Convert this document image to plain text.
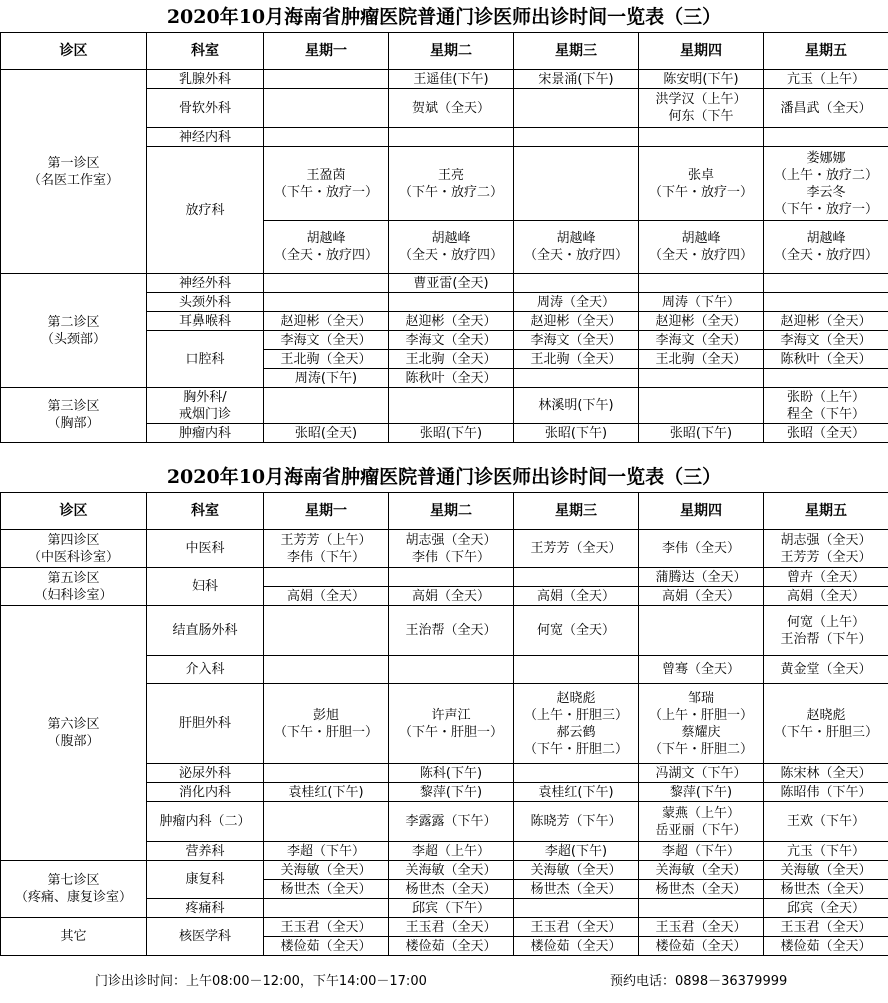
2020年10月海南省肿瘤医院普通门诊医师出诊时间一览表（三）
诊区	科室	星期一	星期二	星期三	星期四	星期五

第一诊区
（名医工作室）	乳腺外科		王遥佳(下午)	宋景涌(下午)	陈安明(下午)	亢玉（上午）

	骨软外科		贺斌（全天）		洪学汉（上午）
何东（下午	潘昌武（全天）

	神经内科					

	放疗科	王盈茵
（下午・放疗一）	王亮
（下午・放疗二）		张卓
（下午・放疗一）	娄娜娜
（上午・放疗二）
李云冬
（下午・放疗一）

		胡越峰
（全天・放疗四）	胡越峰
（全天・放疗四）	胡越峰
（全天・放疗四）	胡越峰
（全天・放疗四）	胡越峰
（全天・放疗四）

第二诊区
（头颈部）	神经外科		曹亚雷(全天)			

	头颈外科			周涛（全天）	周涛（下午）	

	耳鼻喉科	赵迎彬（全天）	赵迎彬（全天）	赵迎彬（全天）	赵迎彬（全天）	赵迎彬（全天）

	口腔科	李海文（全天）	李海文（全天）	李海文（全天）	李海文（全天）	李海文（全天）

		王北驹（全天）	王北驹（全天）	王北驹（全天）	王北驹（全天）	陈秋叶（全天）

		周涛(下午)	陈秋叶（全天）			

第三诊区
（胸部）	胸外科/
戒烟门诊			林溪明(下午)		张盼（上午）
程全（下午）

	肿瘤内科	张昭(全天)	张昭(下午)	张昭(下午)	张昭(下午)	张昭（全天）
2020年10月海南省肿瘤医院普通门诊医师出诊时间一览表（三）
诊区	科室	星期一	星期二	星期三	星期四	星期五

第四诊区
（中医科诊室）	中医科	王芳芳（上午）
李伟（下午）	胡志强（全天）
李伟（下午）	王芳芳（全天）	李伟（全天）	胡志强（全天）
王芳芳（全天）

第五诊区
（妇科诊室）	妇科				蒲腾达（全天）	曾卉（全天）

		高娟（全天）	高娟（全天）	高娟（全天）	高娟（全天）	高娟（全天）

第六诊区
（腹部）	结直肠外科		王治帮（全天）	何宽（全天）		何宽（上午）
王治帮（下午）

	介入科				曾骞（全天）	黄金堂（全天）

	肝胆外科	彭旭
（下午・肝胆一）	许声江
（下午・肝胆一）	赵晓彪
（上午・肝胆三）
郝云鹤
（下午・肝胆二）	邹瑞
（上午・肝胆一）
蔡耀庆
（下午・肝胆二）	赵晓彪
（下午・肝胆三）

	泌尿外科		陈科(下午)		冯湖文（下午）	陈宋林（全天）

	消化内科	袁桂红(下午)	黎萍(下午)	袁桂红(下午)	黎萍(下午)	陈昭伟（下午）

	肿瘤内科（二）		李露露（下午）	陈晓芳（下午）	蒙燕（上午）
岳亚丽（下午）	王欢（下午）

	营养科	李超（下午）	李超（上午）	李超(下午)	李超（下午）	亢玉（下午）

第七诊区
（疼痛、康复诊室）	康复科	关海敏（全天）	关海敏（全天）	关海敏（全天）	关海敏（全天）	关海敏（全天）

		杨世杰（全天）	杨世杰（全天）	杨世杰（全天）	杨世杰（全天）	杨世杰（全天）

	疼痛科		邱宾（下午）			邱宾（全天）

其它	核医学科	王玉君（全天）	王玉君（全天）	王玉君（全天）	王玉君（全天）	王玉君（全天）

		楼俭茹（全天）	楼俭茹（全天）	楼俭茹（全天）	楼俭茹（全天）	楼俭茹（全天）
门诊出诊时间：上午08:00－12:00，下午14:00－17:00	预约电话：0898－36379999
